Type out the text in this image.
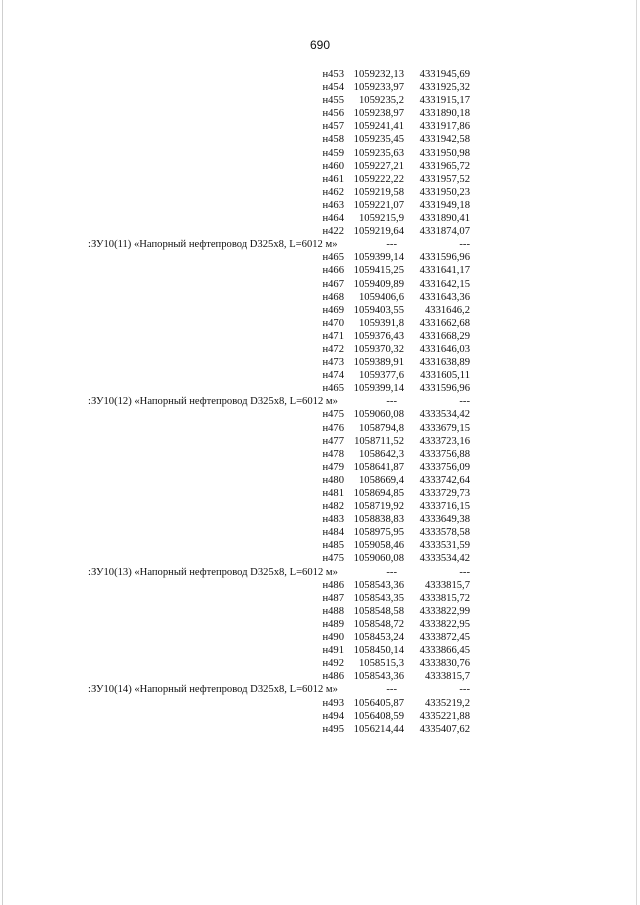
690
н453 1059232,13 4331945,69
н454 1059233,97 4331925,32
н455 1059235,2 4331915,17
н456 1059238,97 4331890,18
н457 1059241,41 4331917,86
н458 1059235,45 4331942,58
н459 1059235,63 4331950,98
н460 1059227,21 4331965,72
н461 1059222,22 4331957,52
н462 1059219,58 4331950,23
н463 1059221,07 4331949,18
н464 1059215,9 4331890,41
н422 1059219,64 4331874,07
:ЗУ10(11) «Напорный нефтепровод D325x8, L=6012 м»	---	---
н465 1059399,14 4331596,96
н466 1059415,25 4331641,17
н467 1059409,89 4331642,15
н468 1059406,6 4331643,36
н469 1059403,55 4331646,2
н470 1059391,8 4331662,68
н471 1059376,43 4331668,29
н472 1059370,32 4331646,03
н473 1059389,91 4331638,89
н474 1059377,6 4331605,11
н465 1059399,14 4331596,96
:ЗУ10(12) «Напорный нефтепровод D325x8, L=6012 м»	---	---
н475 1059060,08 4333534,42
н476 1058794,8 4333679,15
н477 1058711,52 4333723,16
н478 1058642,3 4333756,88
н479 1058641,87 4333756,09
н480 1058669,4 4333742,64
н481 1058694,85 4333729,73
н482 1058719,92 4333716,15
н483 1058838,83 4333649,38
н484 1058975,95 4333578,58
н485 1059058,46 4333531,59
н475 1059060,08 4333534,42
:ЗУ10(13) «Напорный нефтепровод D325x8, L=6012 м»	---	---
н486 1058543,36 4333815,7
н487 1058543,35 4333815,72
н488 1058548,58 4333822,99
н489 1058548,72 4333822,95
н490 1058453,24 4333872,45
н491 1058450,14 4333866,45
н492 1058515,3 4333830,76
н486 1058543,36 4333815,7
:ЗУ10(14) «Напорный нефтепровод D325x8, L=6012 м»	---	---
н493 1056405,87 4335219,2
н494 1056408,59 4335221,88
н495 1056214,44 4335407,62
